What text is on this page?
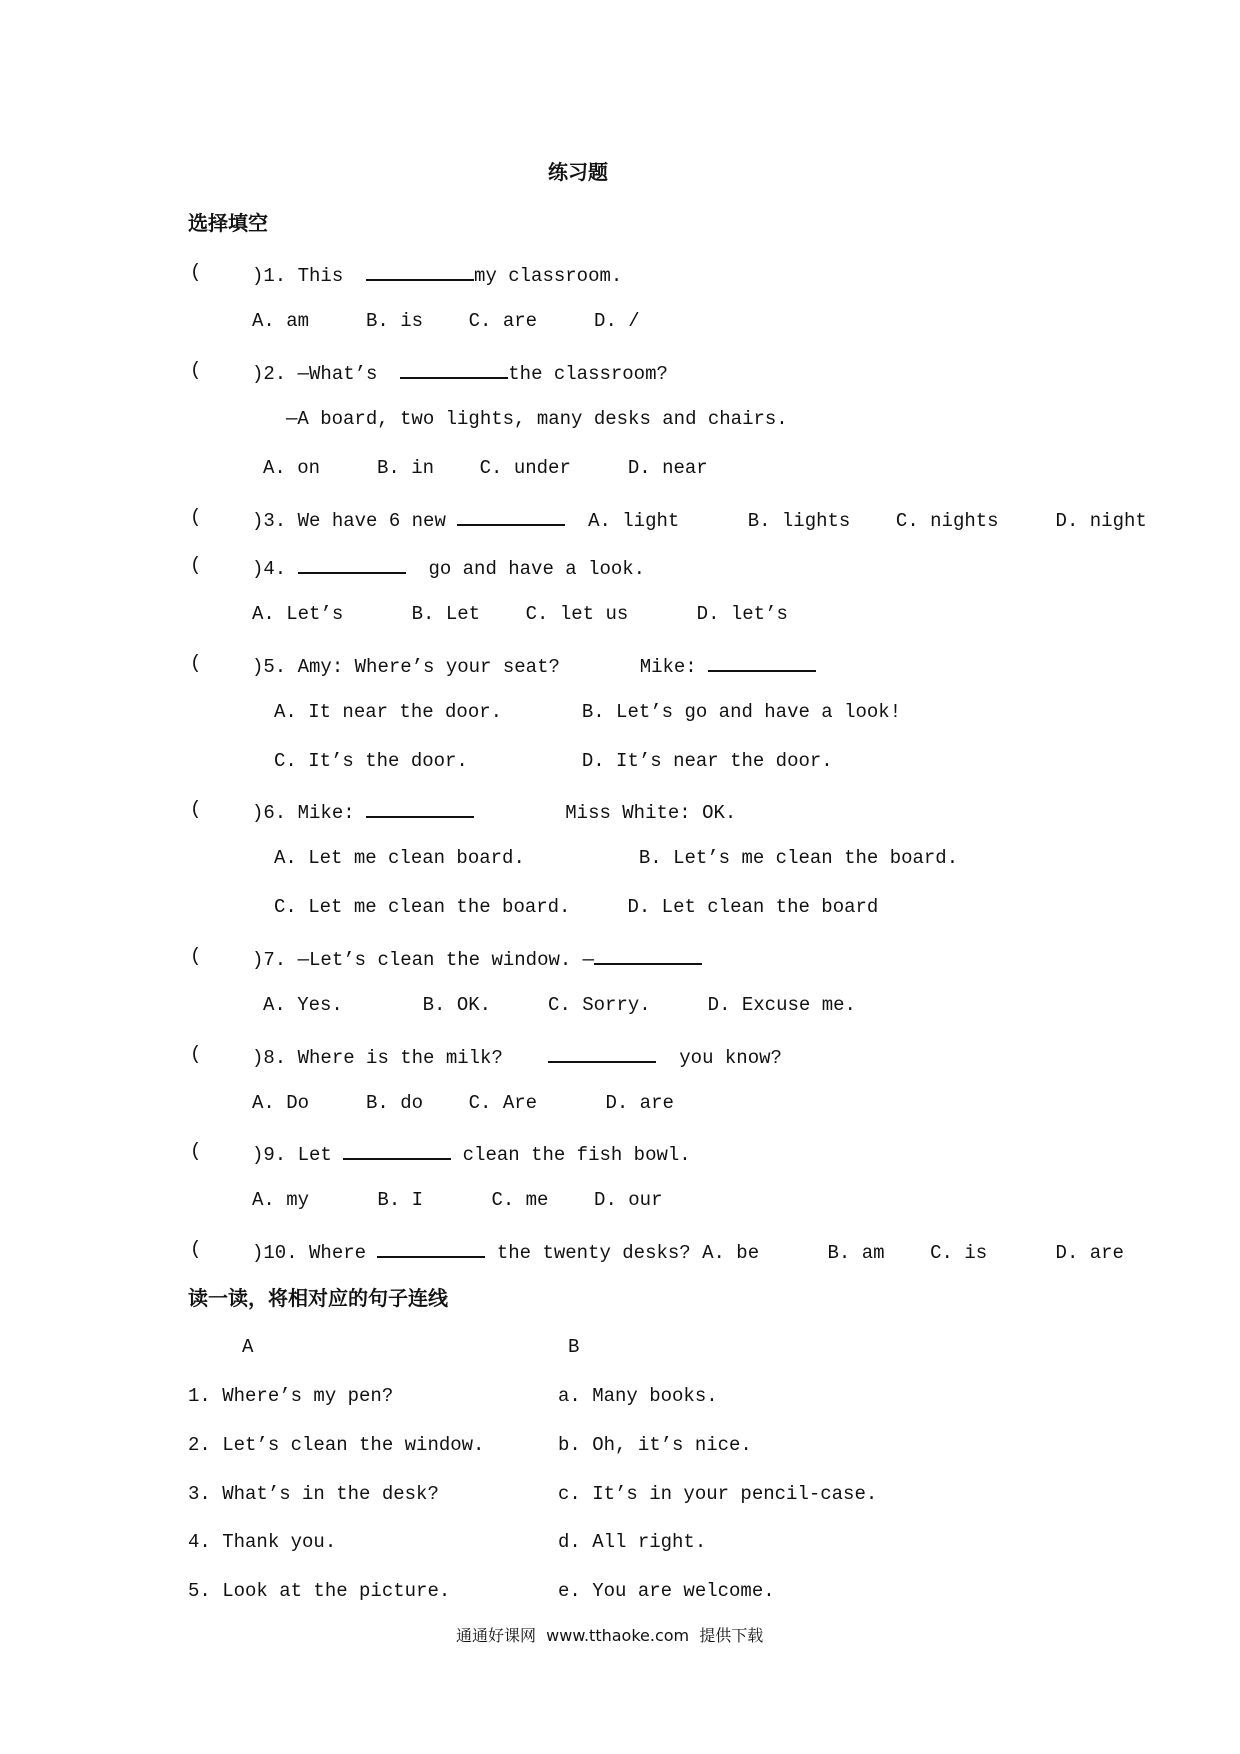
练习题
选择填空
(	)1. This	my classroom.
A. am     B. is    C. are     D. /
(	)2. —What’s	the classroom?
—A board, two lights, many desks and chairs.
A. on     B. in    C. under     D. near
(	)3. We have 6 new	A. light      B. lights    C. nights     D. night
(	)4.	go and have a look.
A. Let’s      B. Let    C. let us      D. let’s
(	)5. Amy: Where’s your seat?	Mike:
A. It near the door.       B. Let’s go and have a look!
C. It’s the door.          D. It’s near the door.
(	)6. Mike:	Miss White: OK.
A. Let me clean board.          B. Let’s me clean the board.
C. Let me clean the board.     D. Let clean the board
(	)7. —Let’s clean the window. —
A. Yes.       B. OK.     C. Sorry.     D. Excuse me.
(	)8. Where is the milk?	you know?
A. Do     B. do    C. Are      D. are
(	)9. Let	clean the fish bowl.
A. my      B. I      C. me    D. our
(	)10. Where	the twenty desks? A. be      B. am    C. is      D. are
读一读，将相对应的句子连线
A	B
1. Where’s my pen?	a. Many books.
2. Let’s clean the window.	b. Oh, it’s nice.
3. What’s in the desk?	c. It’s in your pencil-case.
4. Thank you.	d. All right.
5. Look at the picture.	e. You are welcome.
通通好课网  www.tthaoke.com  提供下载
